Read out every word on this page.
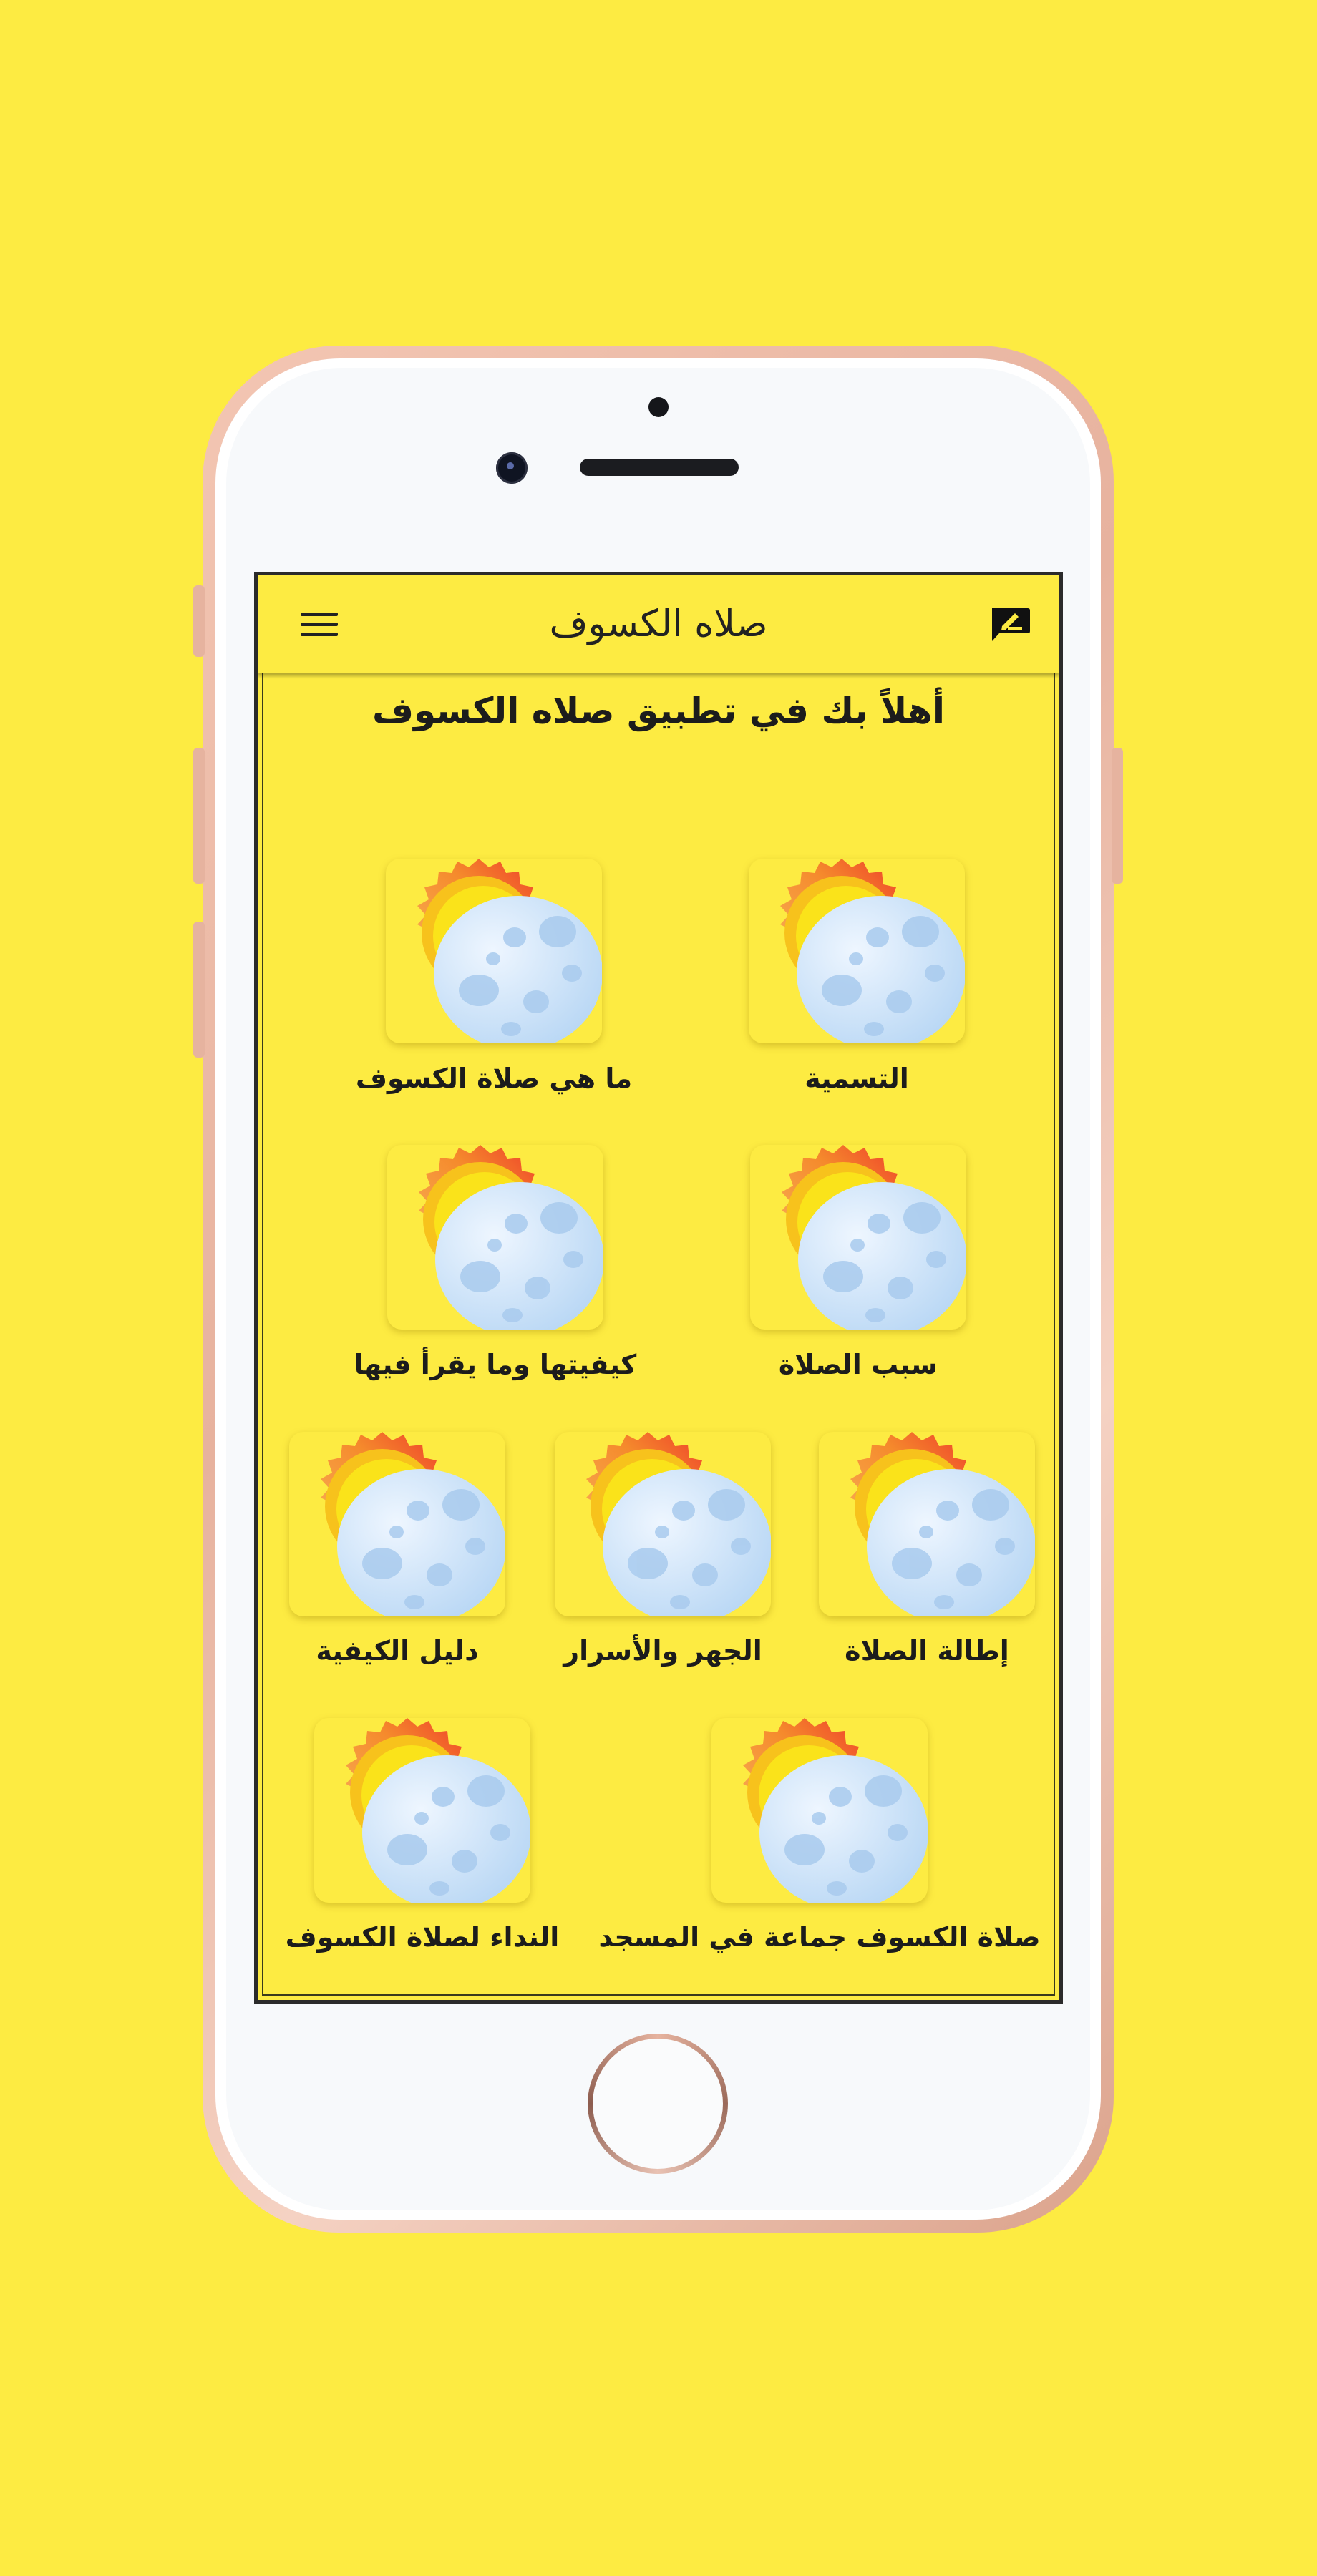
صلاه الكسوف
أهلاً بك في تطبيق صلاه الكسوف
التسمية
ما هي صلاة الكسوف
سبب الصلاة
كيفيتها وما يقرأ فيها
إطالة الصلاة
الجهر والأسرار
دليل الكيفية
صلاة الكسوف جماعة في المسجد
النداء لصلاة الكسوف
